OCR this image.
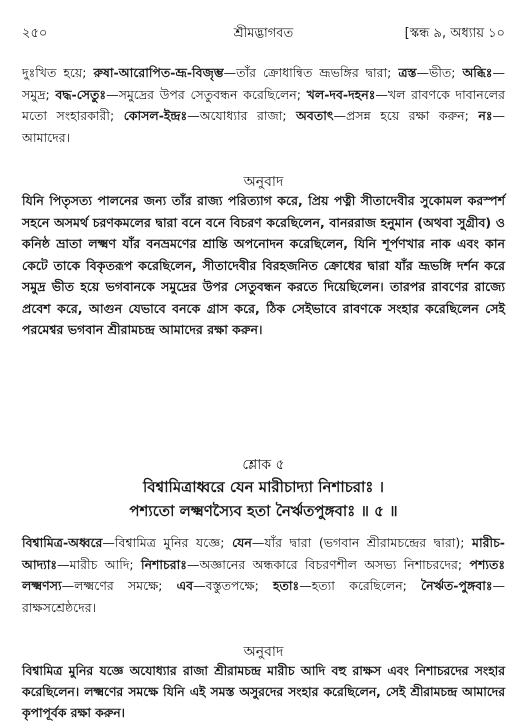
২৫০	শ্রীমদ্ভাগবত	[স্কন্ধ ৯, অধ্যায় ১০
দুঃখিত হয়ে; রুষা-আরোপিত-ভ্রূ-বিজৃম্ভ—তাঁর ক্রোধান্বিত ভ্রূভঙ্গির দ্বারা; ত্রস্ত—ভীত; অব্ধিঃ—সমুদ্র; বদ্ধ-সেতুঃ—সমুদ্রের উপর সেতুবন্ধন করেছিলেন; খল-দব-দহনঃ—খল রাবণকে দাবানলের মতো সংহারকারী; কোসল-ইন্দ্রঃ—অযোধ্যার রাজা; অবতাৎ—প্রসন্ন হয়ে রক্ষা করুন; নঃ—আমাদের।
অনুবাদ
যিনি পিতৃসত্য পালনের জন্য তাঁর রাজ্য পরিত্যাগ করে, প্রিয় পত্নী সীতাদেবীর সুকোমল করস্পর্শ সহনে অসমর্থ চরণকমলের দ্বারা বনে বনে বিচরণ করেছিলেন, বানররাজ হনুমান (অথবা সুগ্রীব) ও কনিষ্ঠ ভ্রাতা লক্ষ্মণ যাঁর বনভ্রমণের শ্রান্তি অপনোদন করেছিলেন, যিনি শূর্পণখার নাক এবং কান কেটে তাকে বিকৃতরূপ করেছিলেন, সীতাদেবীর বিরহজনিত ক্রোধের দ্বারা যাঁর ভ্রূভঙ্গি দর্শন করে সমুদ্র ভীত হয়ে ভগবানকে সমুদ্রের উপর সেতুবন্ধন করতে দিয়েছিলেন। তারপর রাবণের রাজ্যে প্রবেশ করে, আগুন যেভাবে বনকে গ্রাস করে, ঠিক সেইভাবে রাবণকে সংহার করেছিলেন সেই পরমেশ্বর ভগবান শ্রীরামচন্দ্র আমাদের রক্ষা করুন।
শ্লোক ৫
বিশ্বামিত্রাধ্বরে যেন মারীচাদ্যা নিশাচরাঃ ।
পশ্যতো লক্ষ্মণস্যৈব হতা নৈর্ঋতপুঙ্গবাঃ ॥ ৫ ॥
বিশ্বামিত্র-অধ্বরে—বিশ্বামিত্র মুনির যজ্ঞে; যেন—যাঁর দ্বারা (ভগবান শ্রীরামচন্দ্রের দ্বারা); মারীচ-আদ্যাঃ—মারীচ আদি; নিশাচরাঃ—অজ্ঞানের অন্ধকারে বিচরণশীল অসভ্য নিশাচরদের; পশ্যতঃ লক্ষ্মণস্য—লক্ষ্মণের সমক্ষে; এব—বস্তুতপক্ষে; হতাঃ—হত্যা করেছিলেন; নৈর্ঋত-পুঙ্গবাঃ—রাক্ষসশ্রেষ্ঠদের।
অনুবাদ
বিশ্বামিত্র মুনির যজ্ঞে অযোধ্যার রাজা শ্রীরামচন্দ্র মারীচ আদি বহু রাক্ষস এবং নিশাচরদের সংহার করেছিলেন। লক্ষ্মণের সমক্ষে যিনি এই সমস্ত অসুরদের সংহার করেছিলেন, সেই শ্রীরামচন্দ্র আমাদের কৃপাপূর্বক রক্ষা করুন।
